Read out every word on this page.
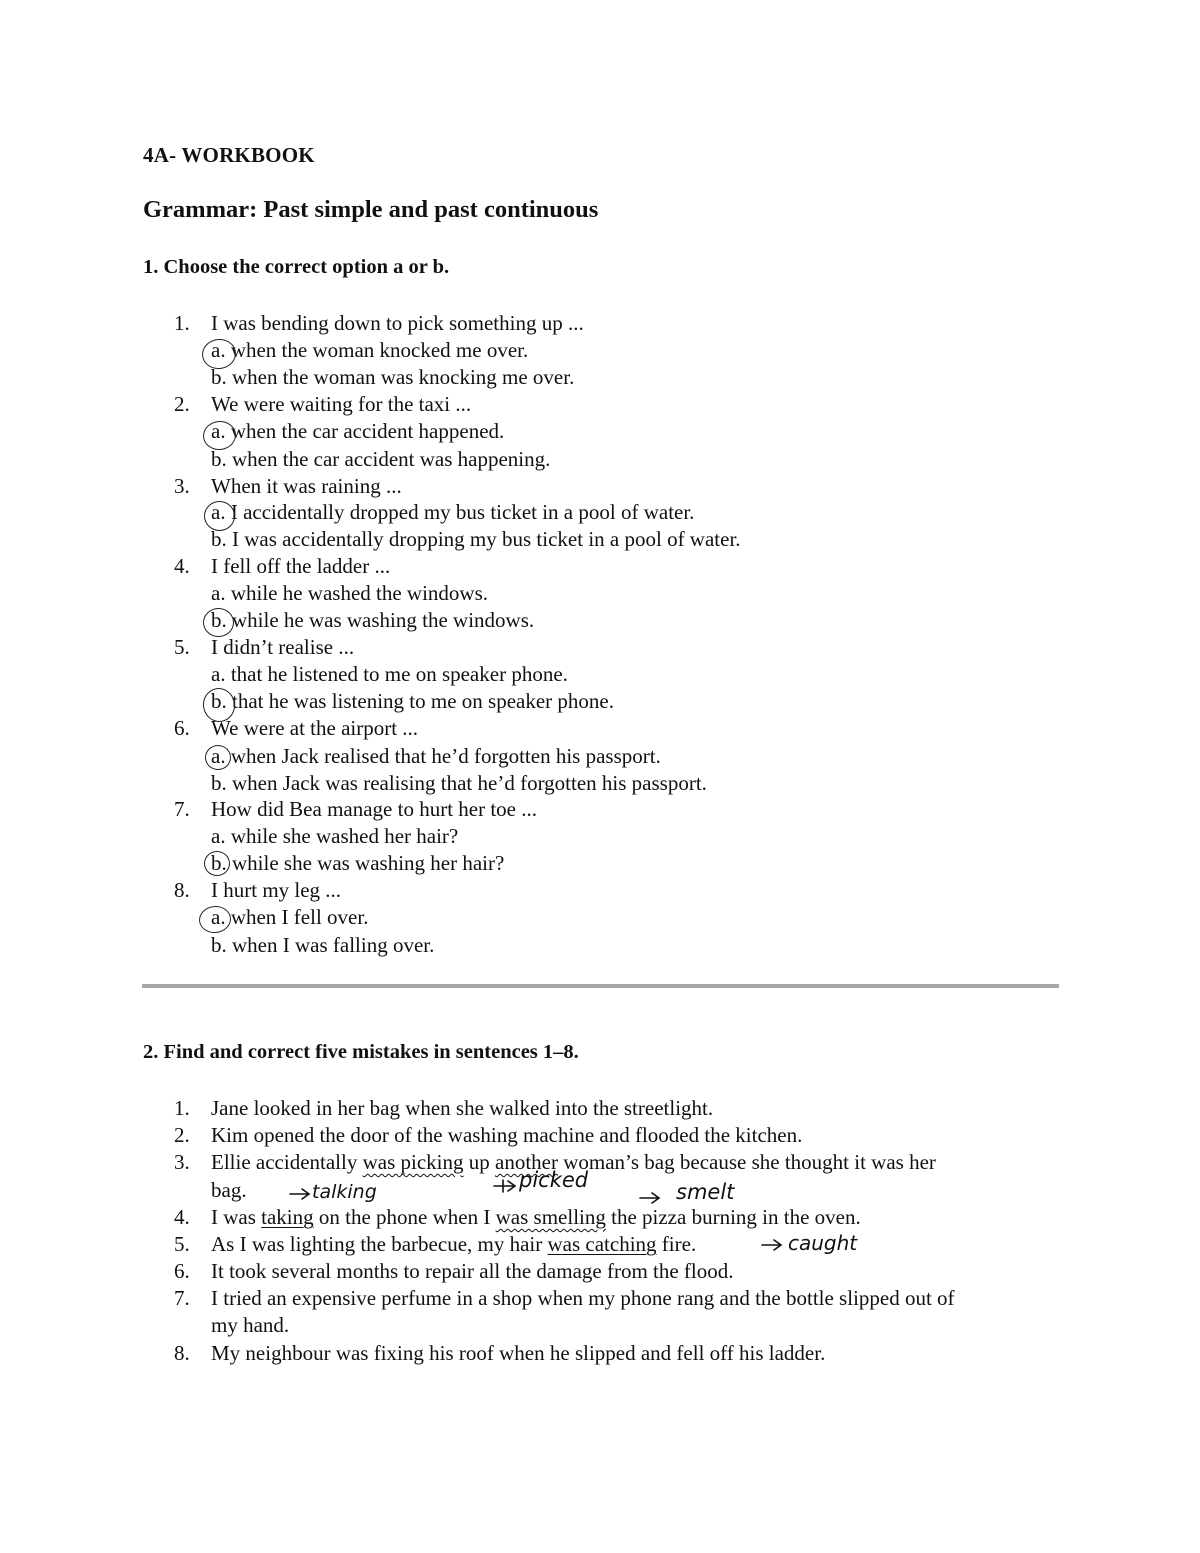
4A- WORKBOOK
Grammar: Past simple and past continuous
1. Choose the correct option a or b.
1. I was bending down to pick something up ...
a. when the woman knocked me over.
b. when the woman was knocking me over.
2. We were waiting for the taxi ...
a. when the car accident happened.
b. when the car accident was happening.
3. When it was raining ...
a. I accidentally dropped my bus ticket in a pool of water.
b. I was accidentally dropping my bus ticket in a pool of water.
4. I fell off the ladder ...
a. while he washed the windows.
b. while he was washing the windows.
5. I didn’t realise ...
a. that he listened to me on speaker phone.
b. that he was listening to me on speaker phone.
6. We were at the airport ...
a. when Jack realised that he’d forgotten his passport.
b. when Jack was realising that he’d forgotten his passport.
7. How did Bea manage to hurt her toe ...
a. while she washed her hair?
b. while she was washing her hair?
8. I hurt my leg ...
a. when I fell over.
b. when I was falling over.
2. Find and correct five mistakes in sentences 1–8.
1. Jane looked in her bag when she walked into the streetlight.
2. Kim opened the door of the washing machine and flooded the kitchen.
3. Ellie accidentally was picking up another woman’s bag because she thought it was her
bag.
4. I was taking on the phone when I was smelling the pizza burning in the oven.
5. As I was lighting the barbecue, my hair was catching fire.
6. It took several months to repair all the damage from the flood.
7. I tried an expensive perfume in a shop when my phone rang and the bottle slipped out of
my hand.
8. My neighbour was fixing his roof when he slipped and fell off his ladder.
talking	picked	smelt
caught
